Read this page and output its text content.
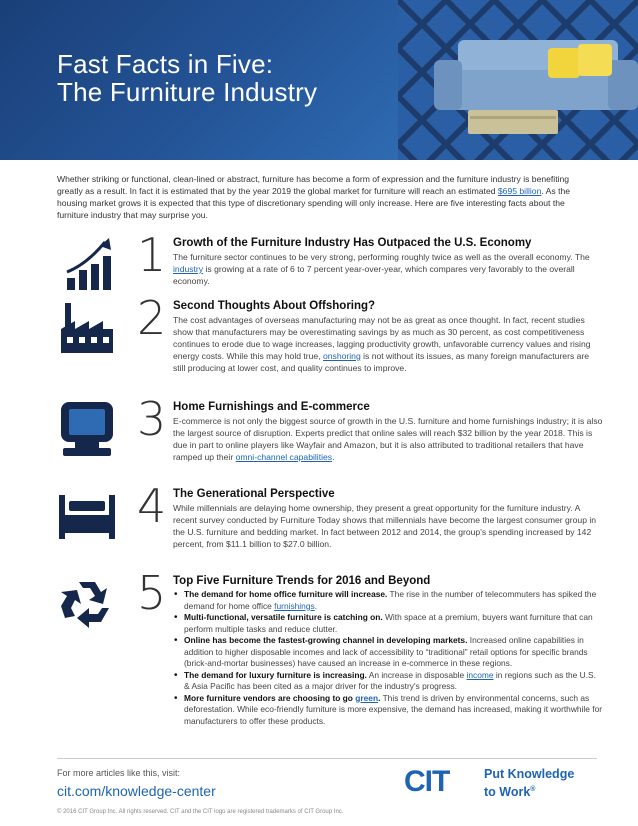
Fast Facts in Five:
The Furniture Industry

Whether striking or functional, clean-lined or abstract, furniture has become a form of expression and the furniture industry is benefiting greatly as a result. In fact it is estimated that by the year 2019 the global market for furniture will reach an estimated $695 billion. As the housing market grows it is expected that this type of discretionary spending will only increase. Here are five interesting facts about the furniture industry that may surprise you.

1 Growth of the Furniture Industry Has Outpaced the U.S. Economy
The furniture sector continues to be very strong, performing roughly twice as well as the overall economy. The industry is growing at a rate of 6 to 7 percent year-over-year, which compares very favorably to the overall economy.
2 Second Thoughts About Offshoring?
The cost advantages of overseas manufacturing may not be as great as once thought. In fact, recent studies show that manufacturers may be overestimating savings by as much as 30 percent, as cost competitiveness continues to erode due to wage increases, lagging productivity growth, unfavorable currency values and rising energy costs. While this may hold true, onshoring is not without its issues, as many foreign manufacturers are still producing at lower cost, and quality continues to improve.
3 Home Furnishings and E-commerce
E-commerce is not only the biggest source of growth in the U.S. furniture and home furnishings industry; it is also the largest source of disruption. Experts predict that online sales will reach $32 billion by the year 2018. This is due in part to online players like Wayfair and Amazon, but it is also attributed to traditional retailers that have ramped up their omni-channel capabilities.
4 The Generational Perspective
While millennials are delaying home ownership, they present a great opportunity for the furniture industry. A recent survey conducted by Furniture Today shows that millennials have become the largest consumer group in the U.S. furniture and bedding market. In fact between 2012 and 2014, the group's spending increased by 142 percent, from $11.1 billion to $27.0 billion.
5 Top Five Furniture Trends for 2016 and Beyond
• The demand for home office furniture will increase. The rise in the number of telecommuters has spiked the demand for home office furnishings.
• Multi-functional, versatile furniture is catching on. With space at a premium, buyers want furniture that can perform multiple tasks and reduce clutter.
• Online has become the fastest-growing channel in developing markets. Increased online capabilities in addition to higher disposable incomes and lack of accessibility to “traditional” retail options for specific brands (brick-and-mortar businesses) have caused an increase in e-commerce in these regions.
• The demand for luxury furniture is increasing. An increase in disposable income in regions such as the U.S. & Asia Pacific has been cited as a major driver for the industry's progress.
• More furniture vendors are choosing to go green. This trend is driven by environmental concerns, such as deforestation. While eco-friendly furniture is more expensive, the demand has increased, making it worthwhile for manufacturers to offer these products.
For more articles like this, visit:
cit.com/knowledge-center
© 2016 CIT Group Inc. All rights reserved. CIT and the CIT logo are registered trademarks of CIT Group Inc.
CIT	Put Knowledge
to Work®
